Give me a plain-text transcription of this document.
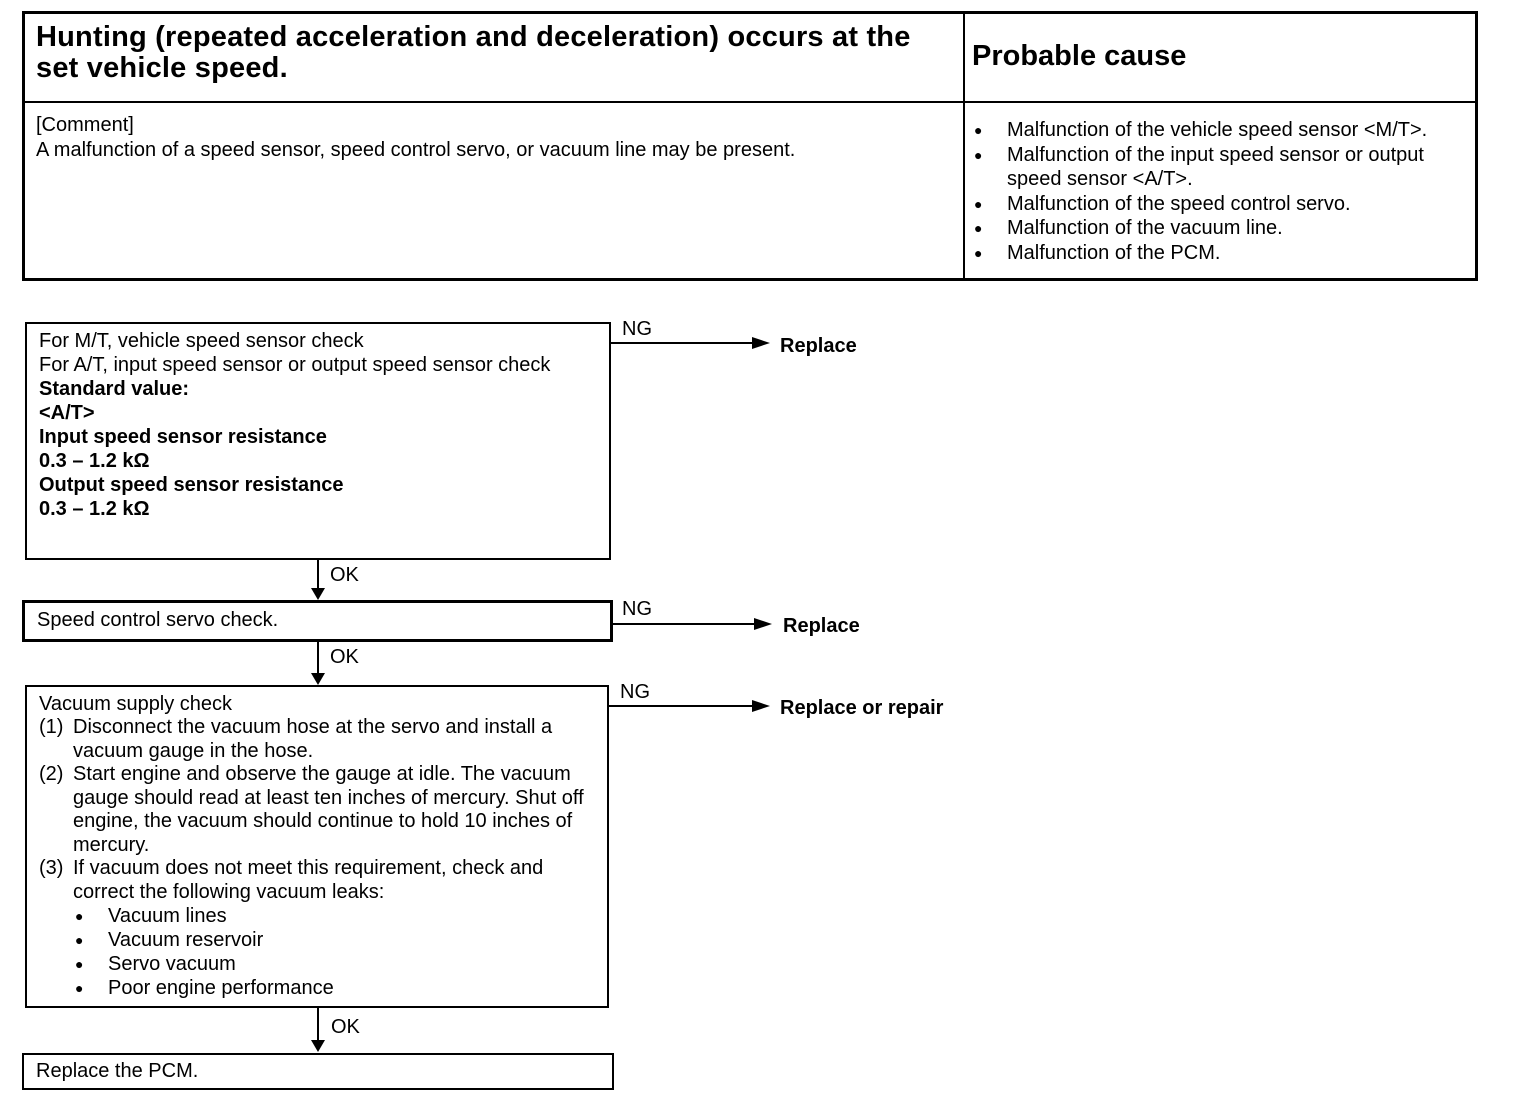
Hunting (repeated acceleration and deceleration) occurs at the set vehicle speed.	Probable cause
[Comment]
A malfunction of a speed sensor, speed control servo, or vacuum line may be present.
● Malfunction of the vehicle speed sensor <M/T>.
● Malfunction of the input speed sensor or output speed sensor <A/T>.
● Malfunction of the speed control servo.
● Malfunction of the vacuum line.
● Malfunction of the PCM.
For M/T, vehicle speed sensor check
For A/T, input speed sensor or output speed sensor check
Standard value:
<A/T>
Input speed sensor resistance
0.3 – 1.2 kΩ
Output speed sensor resistance
0.3 – 1.2 kΩ
NG
Replace
OK
Speed control servo check.	NG
Replace
OK
Vacuum supply check
(1) Disconnect the vacuum hose at the servo and install a vacuum gauge in the hose.
(2) Start engine and observe the gauge at idle. The vacuum gauge should read at least ten inches of mercury. Shut off engine, the vacuum should continue to hold 10 inches of mercury.
(3) If vacuum does not meet this requirement, check and correct the following vacuum leaks:
●	Vacuum lines
●	Vacuum reservoir
●	Servo vacuum
●	Poor engine performance
NG
Replace or repair
OK
Replace the PCM.
